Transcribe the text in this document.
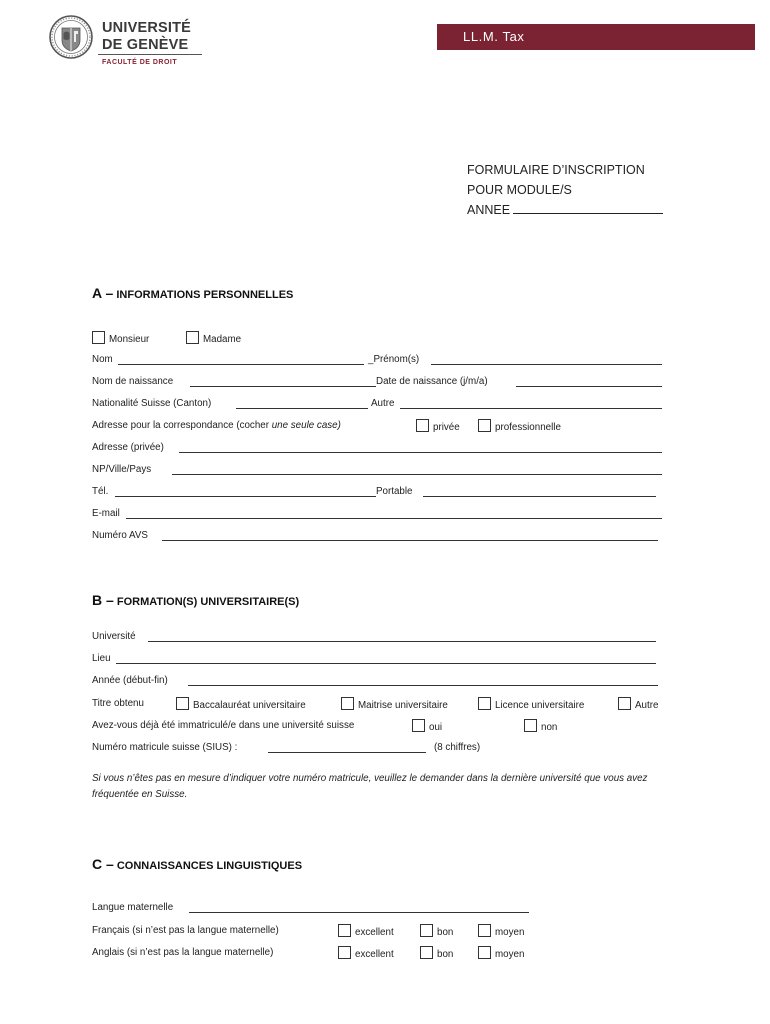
UNIVERSITÉ
DE GENÈVE
FACULTÉ DE DROIT
LL.M. Tax
FORMULAIRE D’INSCRIPTION
POUR MODULE/S
ANNEE
A – INFORMATIONS PERSONNELLES
Monsieur	Madame
Nom	_Prénom(s)
Nom de naissance	Date de naissance (j/m/a)
Nationalité Suisse (Canton)	Autre
Adresse pour la correspondance (cocher une seule case)	privée	professionnelle
Adresse (privée)
NP/Ville/Pays
Tél.	Portable
E-mail
Numéro AVS
B – FORMATION(S) UNIVERSITAIRE(S)
Université
Lieu
Année (début-fin)
Titre obtenu	Baccalauréat universitaire	Maitrise universitaire	Licence universitaire	Autre
Avez-vous déjà été immatriculé/e dans une université suisse	oui	non
Numéro matricule suisse (SIUS) :	(8 chiffres)
Si vous n’êtes pas en mesure d’indiquer votre numéro matricule, veuillez le demander dans la dernière université que vous avez fréquentée en Suisse.
C – CONNAISSANCES LINGUISTIQUES
Langue maternelle
Français (si n’est pas la langue maternelle)	excellent	bon	moyen
Anglais (si n’est pas la langue maternelle)	excellent	bon	moyen
